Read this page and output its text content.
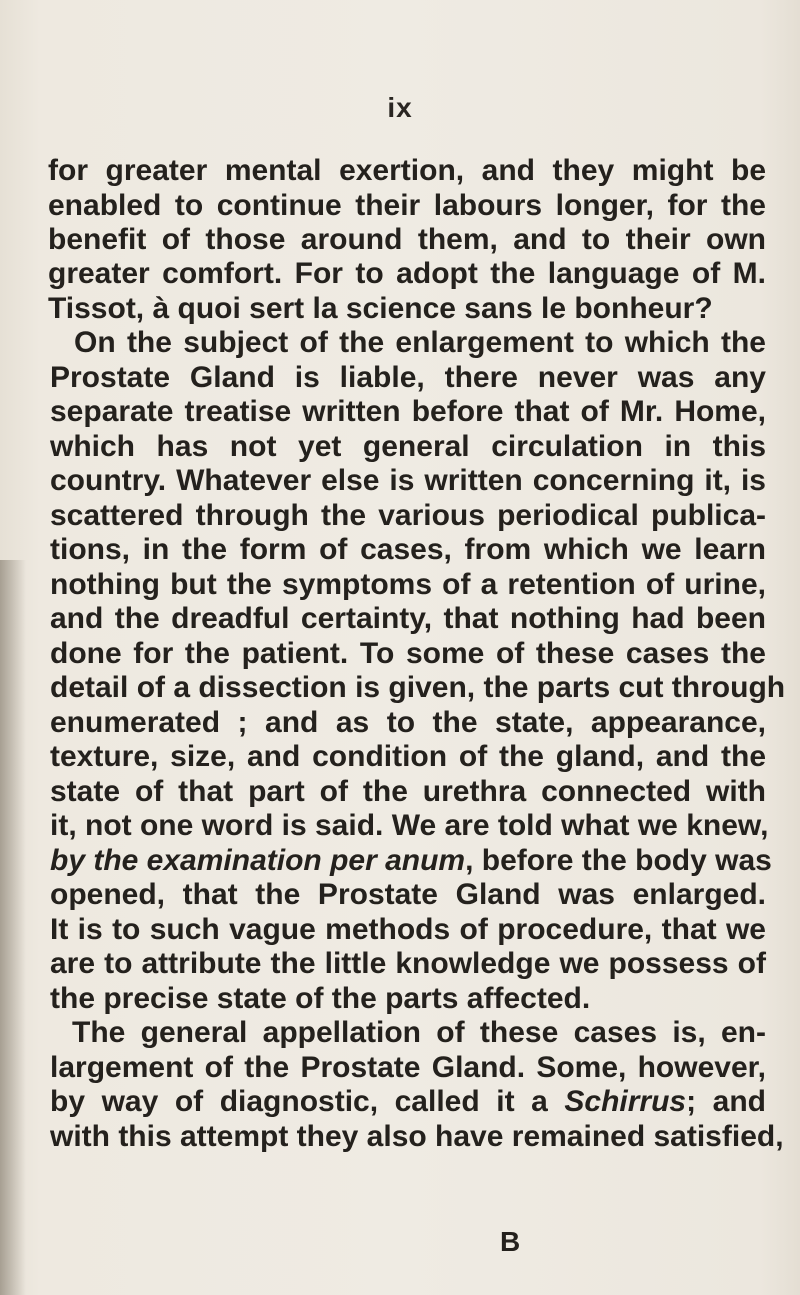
ix
for greater mental exertion, and they might be
enabled to continue their labours longer, for the
benefit of those around them, and to their own
greater comfort. For to adopt the language of M.
Tissot, à quoi sert la science sans le bonheur?
On the subject of the enlargement to which the
Prostate Gland is liable, there never was any
separate treatise written before that of Mr. Home,
which has not yet general circulation in this
country. Whatever else is written concerning it, is
scattered through the various periodical publica-
tions, in the form of cases, from which we learn
nothing but the symptoms of a retention of urine,
and the dreadful certainty, that nothing had been
done for the patient. To some of these cases the
detail of a dissection is given, the parts cut through
enumerated ; and as to the state, appearance,
texture, size, and condition of the gland, and the
state of that part of the urethra connected with
it, not one word is said. We are told what we knew,
by the examination per anum, before the body was
opened, that the Prostate Gland was enlarged.
It is to such vague methods of procedure, that we
are to attribute the little knowledge we possess of
the precise state of the parts affected.
The general appellation of these cases is, en-
largement of the Prostate Gland. Some, however,
by way of diagnostic, called it a Schirrus; and
with this attempt they also have remained satisfied,
B
